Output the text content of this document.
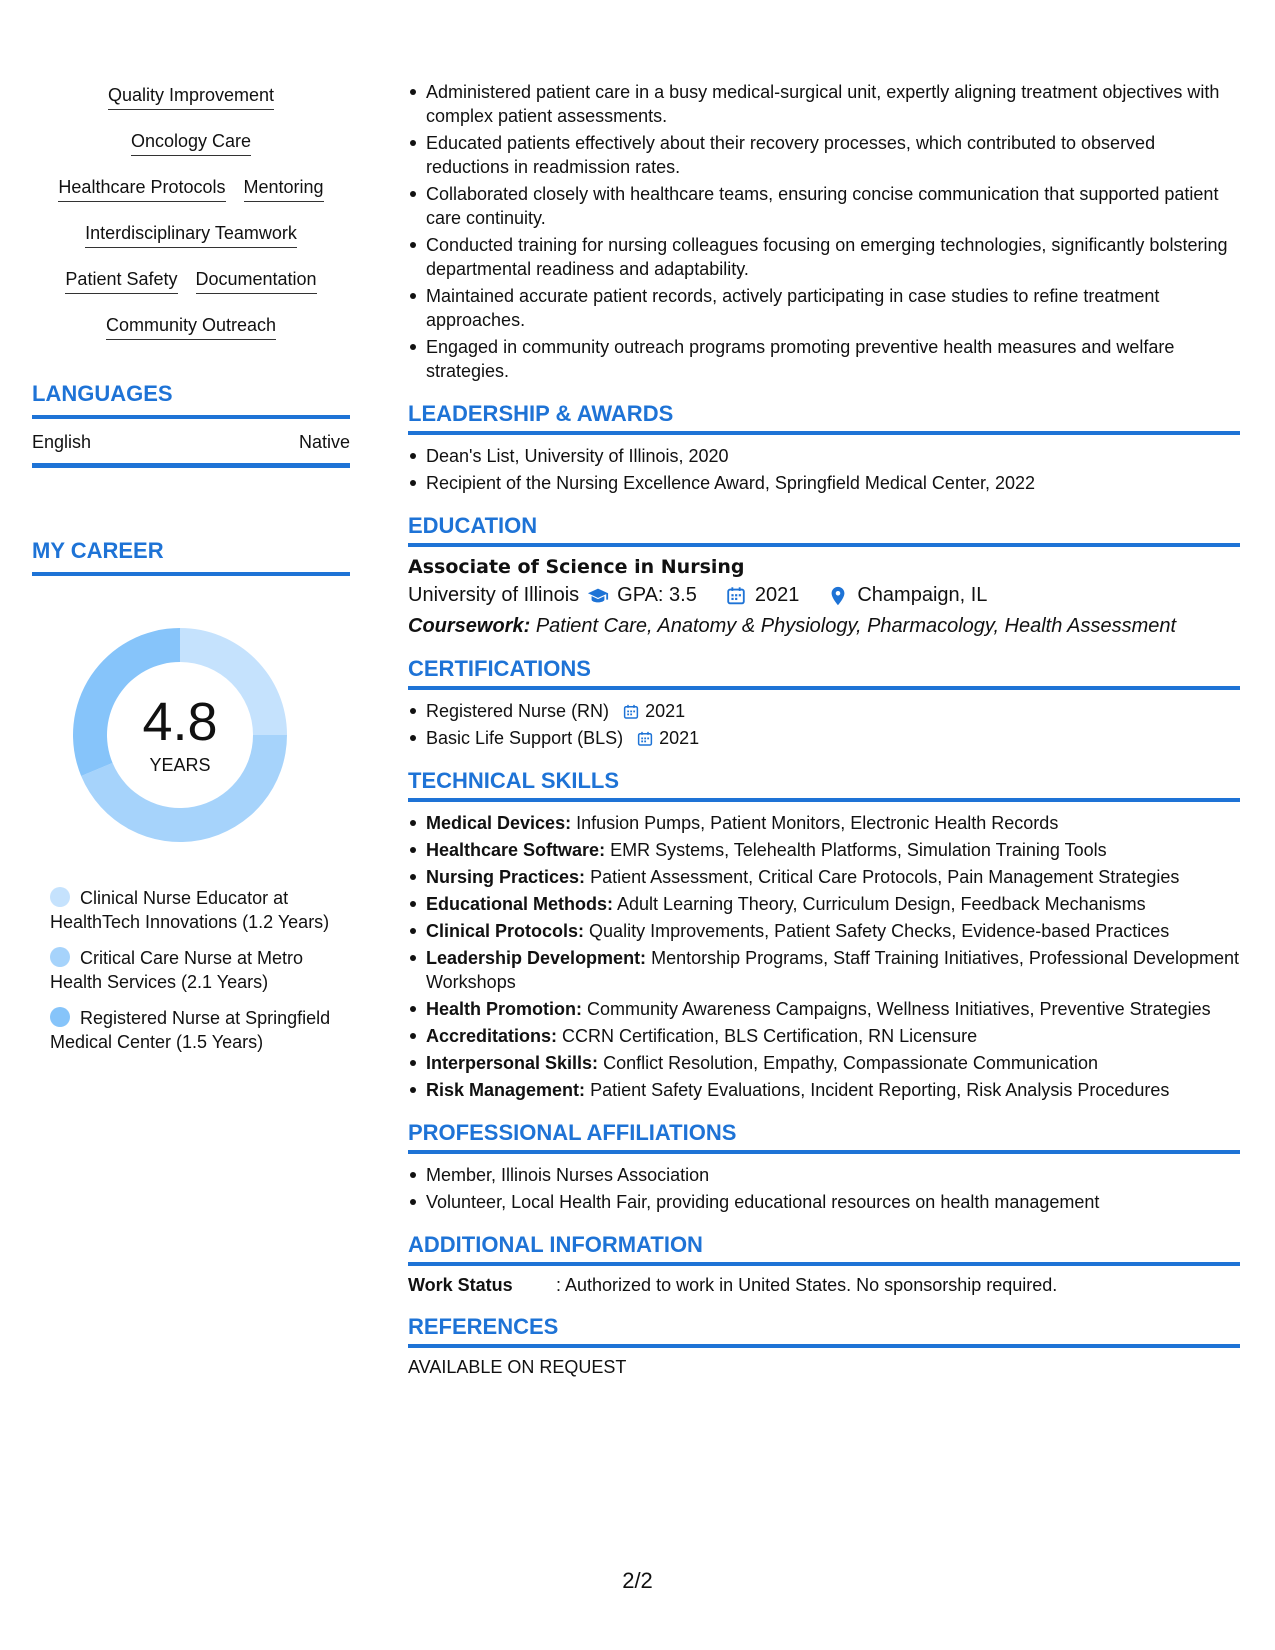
Quality Improvement
Oncology Care
Healthcare Protocols Mentoring
Interdisciplinary Teamwork
Patient Safety Documentation
Community Outreach
LANGUAGES
English	Native
MY CAREER
4.8
YEARS
Clinical Nurse Educator at HealthTech Innovations (1.2 Years)
Critical Care Nurse at Metro Health Services (2.1 Years)
Registered Nurse at Springfield Medical Center (1.5 Years)
Administered patient care in a busy medical-surgical unit, expertly aligning treatment objectives with complex patient assessments.
Educated patients effectively about their recovery processes, which contributed to observed reductions in readmission rates.
Collaborated closely with healthcare teams, ensuring concise communication that supported patient care continuity.
Conducted training for nursing colleagues focusing on emerging technologies, significantly bolstering departmental readiness and adaptability.
Maintained accurate patient records, actively participating in case studies to refine treatment approaches.
Engaged in community outreach programs promoting preventive health measures and welfare strategies.
LEADERSHIP & AWARDS
Dean's List, University of Illinois, 2020
Recipient of the Nursing Excellence Award, Springfield Medical Center, 2022
EDUCATION
Associate of Science in Nursing
University of Illinois GPA: 3.5	2021	Champaign, IL
Coursework: Patient Care, Anatomy & Physiology, Pharmacology, Health Assessment
CERTIFICATIONS
Registered Nurse (RN) 2021
Basic Life Support (BLS) 2021
TECHNICAL SKILLS
Medical Devices: Infusion Pumps, Patient Monitors, Electronic Health Records
Healthcare Software: EMR Systems, Telehealth Platforms, Simulation Training Tools
Nursing Practices: Patient Assessment, Critical Care Protocols, Pain Management Strategies
Educational Methods: Adult Learning Theory, Curriculum Design, Feedback Mechanisms
Clinical Protocols: Quality Improvements, Patient Safety Checks, Evidence-based Practices
Leadership Development: Mentorship Programs, Staff Training Initiatives, Professional Development Workshops
Health Promotion: Community Awareness Campaigns, Wellness Initiatives, Preventive Strategies
Accreditations: CCRN Certification, BLS Certification, RN Licensure
Interpersonal Skills: Conflict Resolution, Empathy, Compassionate Communication
Risk Management: Patient Safety Evaluations, Incident Reporting, Risk Analysis Procedures
PROFESSIONAL AFFILIATIONS
Member, Illinois Nurses Association
Volunteer, Local Health Fair, providing educational resources on health management
ADDITIONAL INFORMATION
Work Status	: Authorized to work in United States. No sponsorship required.
REFERENCES
AVAILABLE ON REQUEST
2/2
